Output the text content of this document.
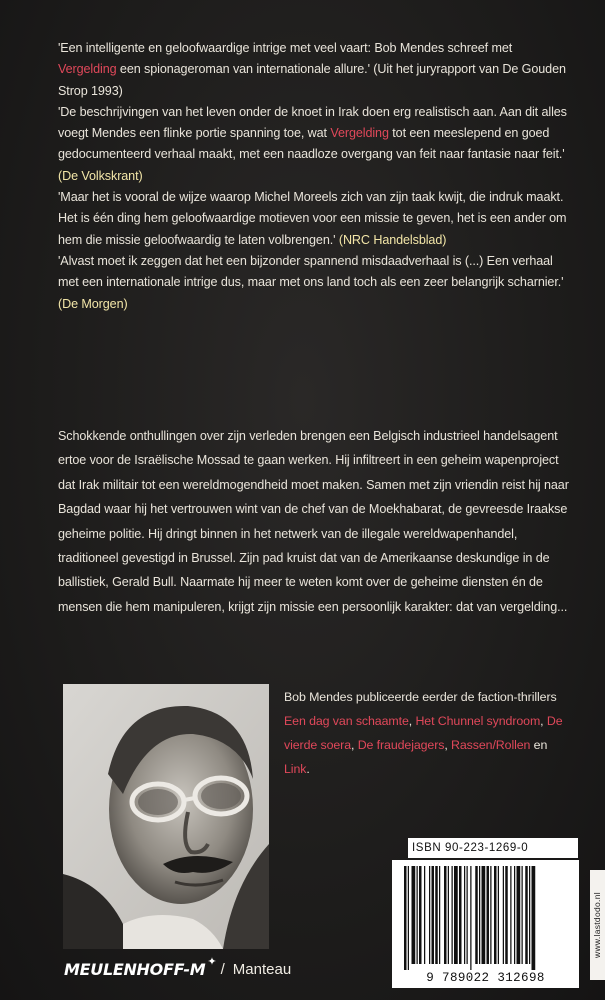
'Een intelligente en geloofwaardige intrige met veel vaart: Bob Mendes schreef met Vergelding een spionageroman van internationale allure.' (Uit het juryrapport van De Gouden Strop 1993)

'De beschrijvingen van het leven onder de knoet in Irak doen erg realistisch aan. Aan dit alles voegt Mendes een flinke portie spanning toe, wat Vergelding tot een meeslepend en goed gedocumenteerd verhaal maakt, met een naadloze overgang van feit naar fantasie naar feit.' (De Volkskrant)

'Maar het is vooral de wijze waarop Michel Moreels zich van zijn taak kwijt, die indruk maakt. Het is één ding hem geloofwaardige motieven voor een missie te geven, het is een ander om hem die missie geloofwaardig te laten volbrengen.' (NRC Handelsblad)

'Alvast moet ik zeggen dat het een bijzonder spannend misdaadverhaal is (...) Een verhaal met een internationale intrige dus, maar met ons land toch als een zeer belangrijk scharnier.' (De Morgen)

Schokkende onthullingen over zijn verleden brengen een Belgisch industrieel handelsagent ertoe voor de Israëlische Mossad te gaan werken. Hij infiltreert in een geheim wapenproject dat Irak militair tot een wereldmogendheid moet maken. Samen met zijn vriendin reist hij naar Bagdad waar hij het vertrouwen wint van de chef van de Moekhabarat, de gevreesde Iraakse geheime politie. Hij dringt binnen in het netwerk van de illegale wereldwapenhandel, traditioneel gevestigd in Brussel. Zijn pad kruist dat van de Amerikaanse deskundige in de ballistiek, Gerald Bull. Naarmate hij meer te weten komt over de geheime diensten én de mensen die hem manipuleren, krijgt zijn missie een persoonlijk karakter: dat van vergelding...
Bob Mendes publiceerde eerder de faction-thrillers Een dag van schaamte, Het Chunnel syndroom, De vierde soera, De fraudejagers, Rassen/Rollen en Link.
ISBN 90-223-1269-0
9 789022 312698
www.lastdodo.nl
MEULENHOFF-M ✦ / Manteau
